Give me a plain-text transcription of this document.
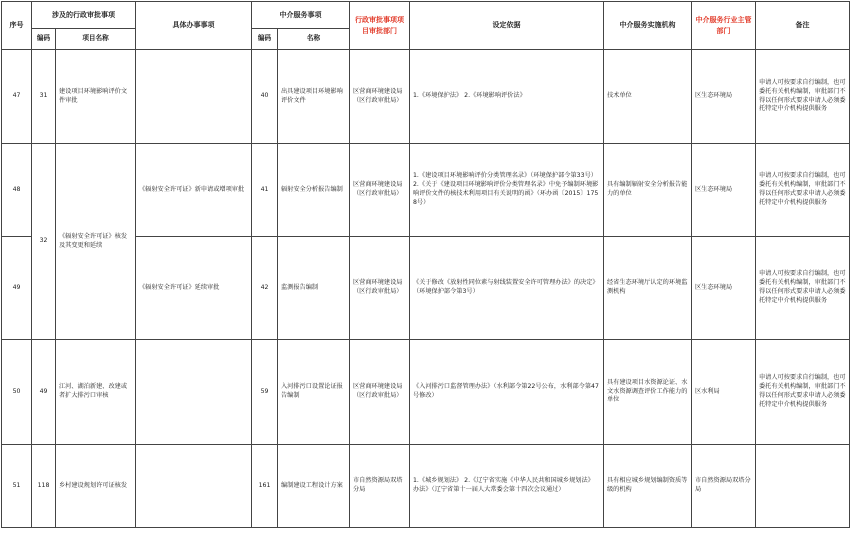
序号	涉及的行政审批事项		具体办事事项	中介服务事项		行政审批事项项目审批部门	设定依据	中介服务实施机构	中介服务行业主管部门	备注
	编码	项目名称		编码	名称					
47	31	建设项目环境影响评价文件审批		40	出具建设项目环境影响评价文件	区营商环境建设局（区行政审批局）	1.《环境保护法》 2.《环境影响评价法》	技术单位	区生态环境局	申请人可按要求自行编制，也可委托有关机构编制，审批部门不得以任何形式要求申请人必须委托特定中介机构提供服务
48	32	《辐射安全许可证》核发及其变更和延续	《辐射安全许可证》新申请或增项审批	41	辐射安全分析报告编制	区营商环境建设局（区行政审批局）	1.《建设项目环境影响评价分类管理名录》（环境保护部令第33号） 2.《关于《建设项目环境影响评价分类管理名录》中免予编制环境影响评价文件的核技术利用项目有关说明的函》（环办函〔2015〕1758号）	具有编制辐射安全分析报告能力的单位	区生态环境局	申请人可按要求自行编制，也可委托有关机构编制，审批部门不得以任何形式要求申请人必须委托特定中介机构提供服务
49			《辐射安全许可证》延续审批	42	监测报告编制	区营商环境建设局（区行政审批局）	《关于修改《放射性同位素与射线装置安全许可管理办法》的决定》（环境保护部令第3号）	经省生态环境厅认定的环境监测机构	区生态环境局	申请人可按要求自行编制，也可委托有关机构编制，审批部门不得以任何形式要求申请人必须委托特定中介机构提供服务
50	49	江河、湖泊新建、改建或者扩大排污口审核		59	入河排污口设置论证报告编制	区营商环境建设局（区行政审批局）	《入河排污口监督管理办法》（水利部令第22号公布，水利部令第47号修改）	具有建设项目水资源论证、水文水资源调查评价工作能力的单位	区水利局	申请人可按要求自行编制，也可委托有关机构编制，审批部门不得以任何形式要求申请人必须委托特定中介机构提供服务
51	118	乡村建设规划许可证核发		161	编制建设工程设计方案	市自然资源局双塔分局	1.《城乡规划法》 2.《辽宁省实施《中华人民共和国城乡规划法》办法》（辽宁省第十一届人大常委会第十四次会议通过）	具有相应城乡规划编制资质等级的机构	市自然资源局双塔分局	
